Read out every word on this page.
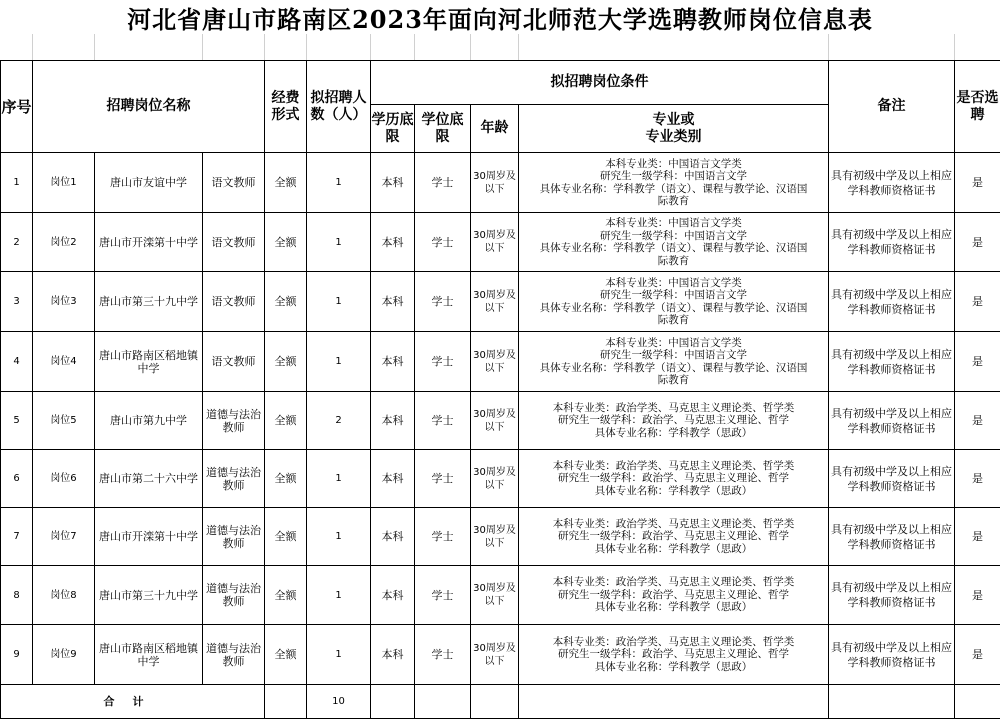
河北省唐山市路南区2023年面向河北师范大学选聘教师岗位信息表
序号	招聘岗位名称			经费形式	拟招聘人数（人）	拟招聘岗位条件				备注	是否选聘
						学历底限	学位底限	年龄	专业或
专业类别		
1	岗位1	唐山市友谊中学	语文教师	全额	1	本科	学士	30周岁及以下	本科专业类：中国语言文学类
研究生一级学科：中国语言文学
具体专业名称：学科教学（语文）、课程与教学论、汉语国
际教育	具有初级中学及以上相应学科教师资格证书	是
2	岗位2	唐山市开滦第十中学	语文教师	全额	1	本科	学士	30周岁及以下	本科专业类：中国语言文学类
研究生一级学科：中国语言文学
具体专业名称：学科教学（语文）、课程与教学论、汉语国
际教育	具有初级中学及以上相应学科教师资格证书	是
3	岗位3	唐山市第三十九中学	语文教师	全额	1	本科	学士	30周岁及以下	本科专业类：中国语言文学类
研究生一级学科：中国语言文学
具体专业名称：学科教学（语文）、课程与教学论、汉语国
际教育	具有初级中学及以上相应学科教师资格证书	是
4	岗位4	唐山市路南区稻地镇中学	语文教师	全额	1	本科	学士	30周岁及以下	本科专业类：中国语言文学类
研究生一级学科：中国语言文学
具体专业名称：学科教学（语文）、课程与教学论、汉语国
际教育	具有初级中学及以上相应学科教师资格证书	是
5	岗位5	唐山市第九中学	道德与法治教师	全额	2	本科	学士	30周岁及以下	本科专业类：政治学类、马克思主义理论类、哲学类
研究生一级学科：政治学、马克思主义理论、哲学
具体专业名称：学科教学（思政）	具有初级中学及以上相应学科教师资格证书	是
6	岗位6	唐山市第二十六中学	道德与法治教师	全额	1	本科	学士	30周岁及以下	本科专业类：政治学类、马克思主义理论类、哲学类
研究生一级学科：政治学、马克思主义理论、哲学
具体专业名称：学科教学（思政）	具有初级中学及以上相应学科教师资格证书	是
7	岗位7	唐山市开滦第十中学	道德与法治教师	全额	1	本科	学士	30周岁及以下	本科专业类：政治学类、马克思主义理论类、哲学类
研究生一级学科：政治学、马克思主义理论、哲学
具体专业名称：学科教学（思政）	具有初级中学及以上相应学科教师资格证书	是
8	岗位8	唐山市第三十九中学	道德与法治教师	全额	1	本科	学士	30周岁及以下	本科专业类：政治学类、马克思主义理论类、哲学类
研究生一级学科：政治学、马克思主义理论、哲学
具体专业名称：学科教学（思政）	具有初级中学及以上相应学科教师资格证书	是
9	岗位9	唐山市路南区稻地镇中学	道德与法治教师	全额	1	本科	学士	30周岁及以下	本科专业类：政治学类、马克思主义理论类、哲学类
研究生一级学科：政治学、马克思主义理论、哲学
具体专业名称：学科教学（思政）	具有初级中学及以上相应学科教师资格证书	是
合计					10						
